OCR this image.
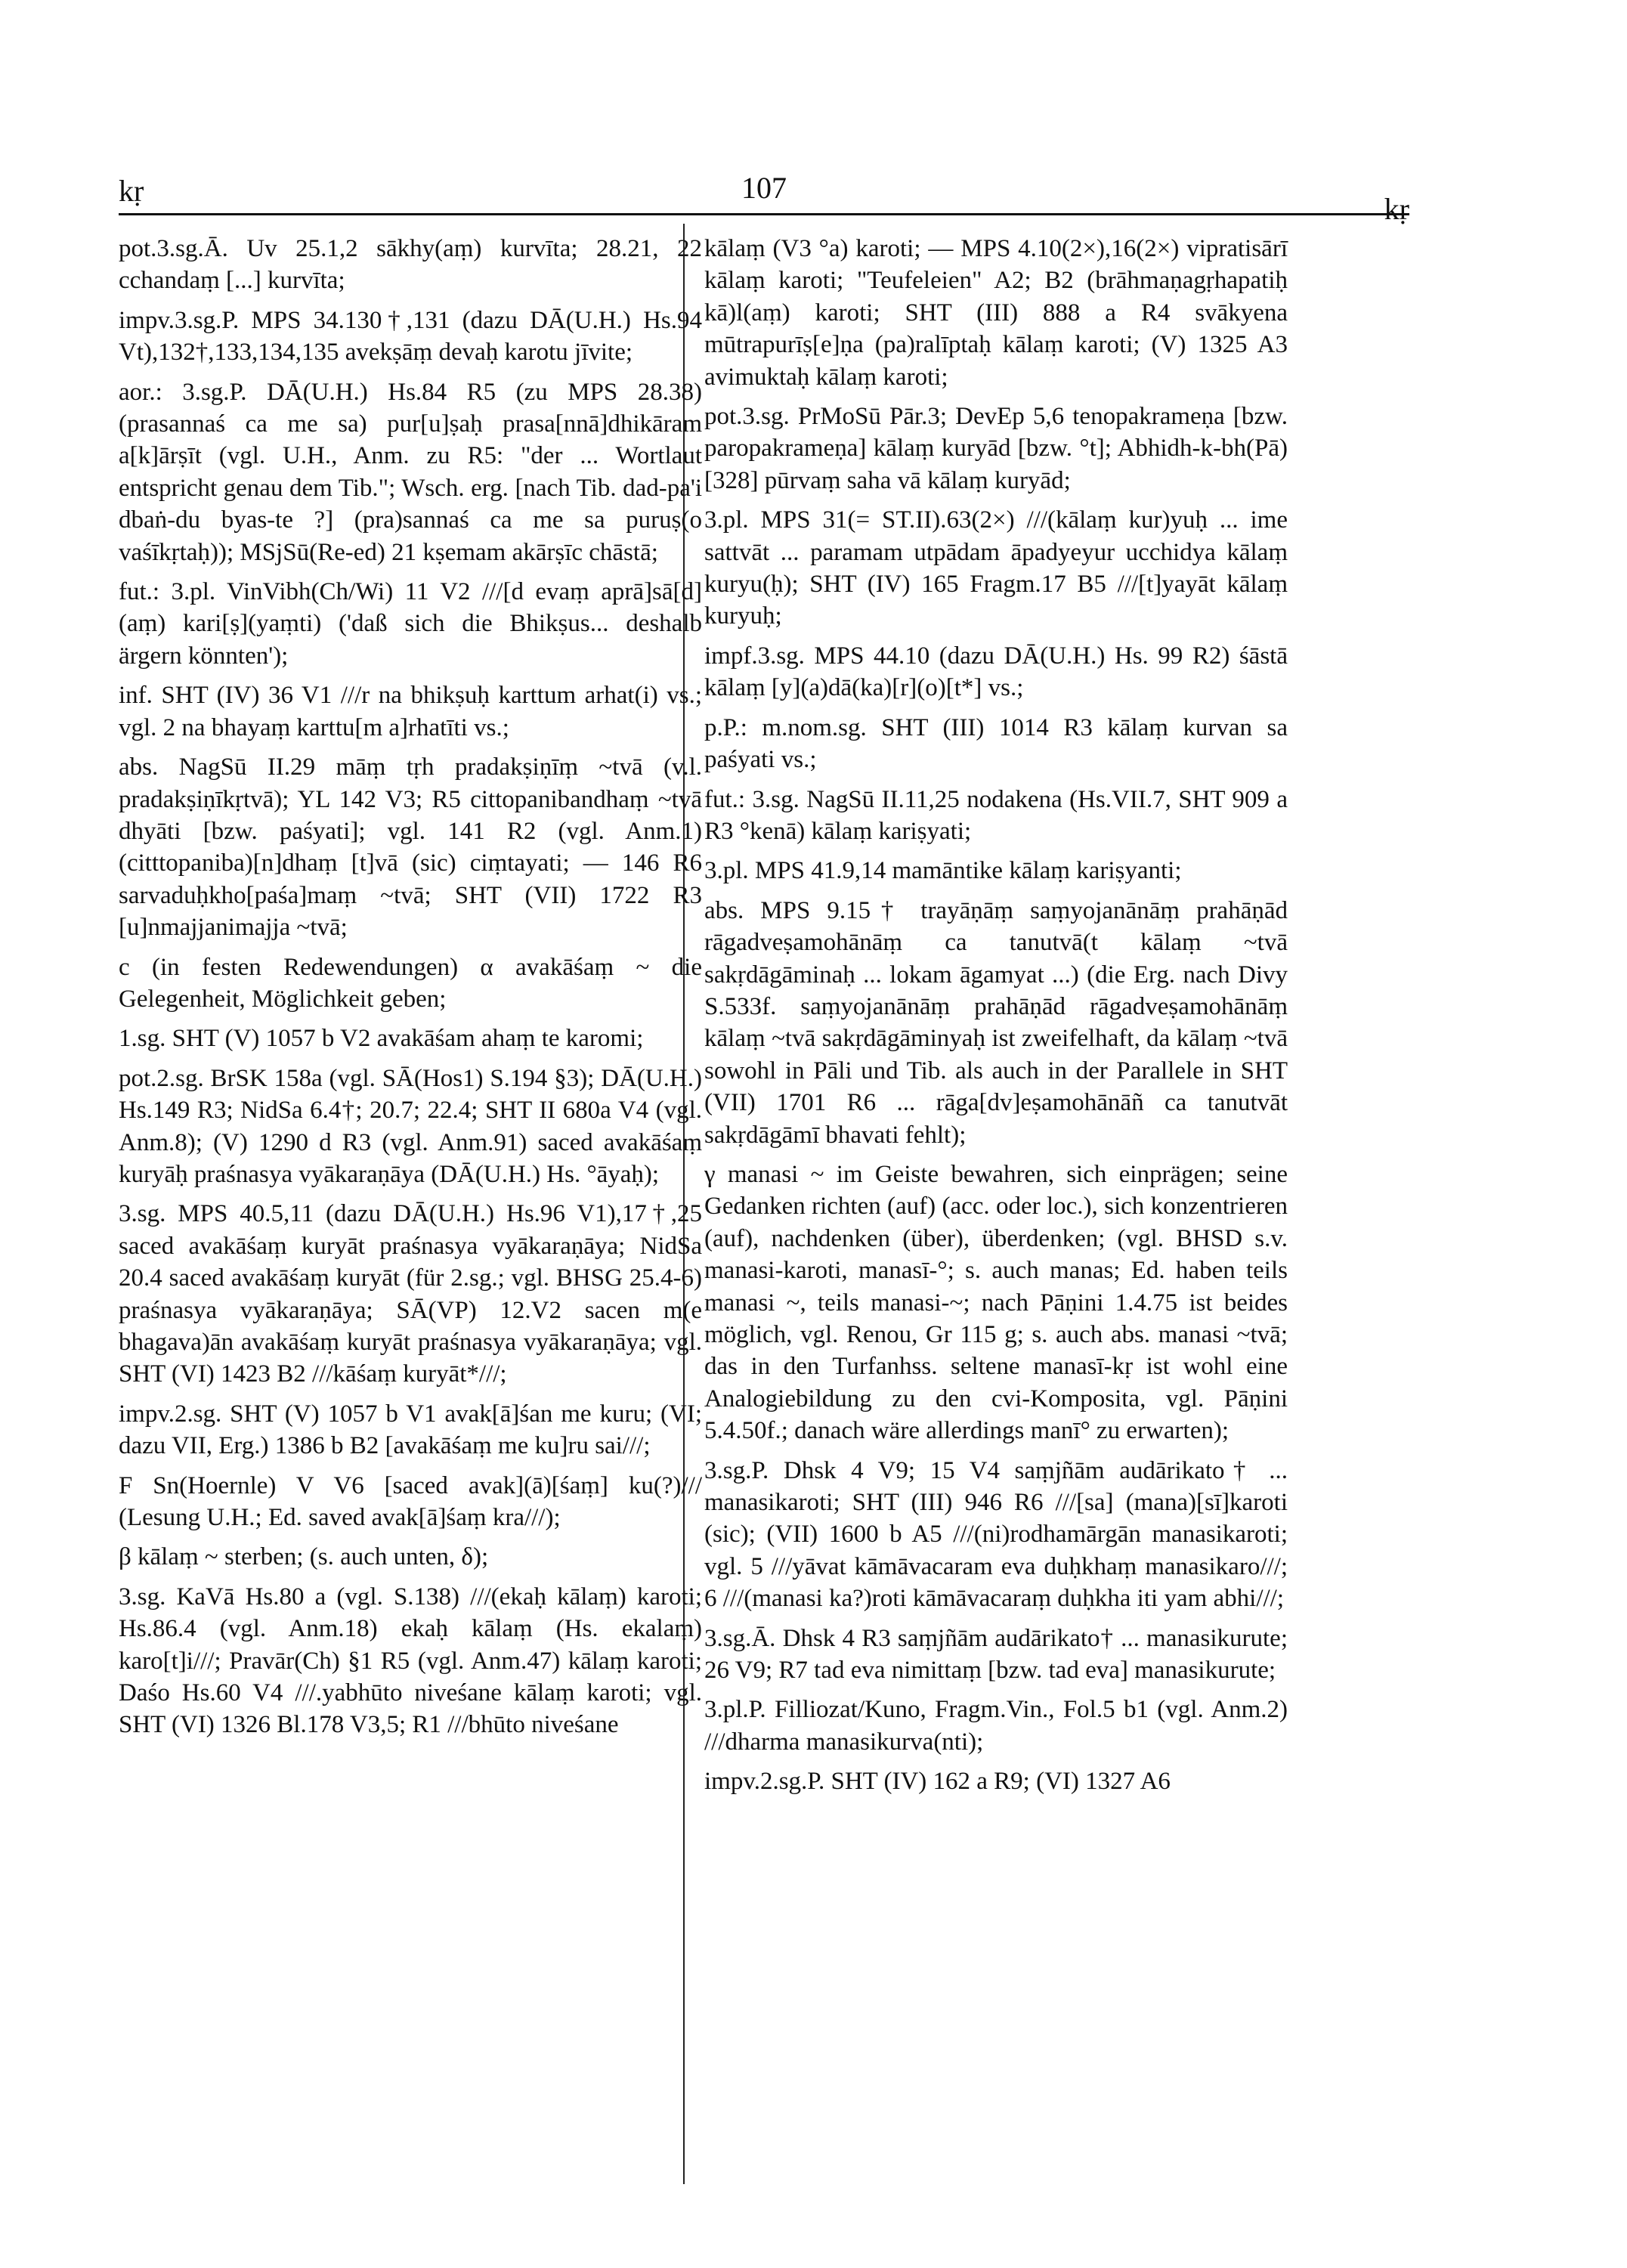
kṛ	107
kṛ
pot.3.sg.Ā. Uv 25.1,2 sākhy(aṃ) kurvīta; 28.21, 22 cchandaṃ [...] kurvīta;
impv.3.sg.P. MPS 34.130†,131 (dazu DĀ(U.H.) Hs.94 Vt),132†,133,134,135 avekṣāṃ devaḥ karotu jīvite;
aor.: 3.sg.P. DĀ(U.H.) Hs.84 R5 (zu MPS 28.38) (prasannaś ca me sa) pur[u]ṣaḥ prasa[nnā]dhikāram a[k]ārṣīt (vgl. U.H., Anm. zu R5: "der ... Wortlaut entspricht genau dem Tib."; Wsch. erg. [nach Tib. dad-pa'i dbaṅ-du byas-te ?] (pra)sannaś ca me sa puruṣ(o vaśīkṛtaḥ)); MSjSū(Re-ed) 21 kṣemam akārṣīc chāstā;
fut.: 3.pl. VinVibh(Ch/Wi) 11 V2 ///[d evaṃ aprā]sā[d](aṃ) kari[ṣ](yaṃti) ('daß sich die Bhikṣus... deshalb ärgern könnten');
inf. SHT (IV) 36 V1 ///r na bhikṣuḥ karttum arhat(i) vs.; vgl. 2 na bhayaṃ karttu[m a]rhatīti vs.;
abs. NagSū II.29 māṃ tṛh pradakṣiṇīṃ ~tvā (v.l. pradakṣiṇīkṛtvā); YL 142 V3; R5 cittopanibandhaṃ ~tvā dhyāti [bzw. paśyati]; vgl. 141 R2 (vgl. Anm.1) (citttopaniba)[n]dhaṃ [t]vā (sic) ciṃtayati; — 146 R6 sarvaduḥkho[paśa]maṃ ~tvā; SHT (VII) 1722 R3 [u]nmajjanimajja ~tvā;
c (in festen Redewendungen) α avakāśaṃ ~ die Gelegenheit, Möglichkeit geben;
1.sg. SHT (V) 1057 b V2 avakāśam ahaṃ te karomi;
pot.2.sg. BrSK 158a (vgl. SĀ(Hos1) S.194 §3); DĀ(U.H.) Hs.149 R3; NidSa 6.4†; 20.7; 22.4; SHT II 680a V4 (vgl. Anm.8); (V) 1290 d R3 (vgl. Anm.91) saced avakāśaṃ kuryāḥ praśnasya vyākaraṇāya (DĀ(U.H.) Hs. °āyaḥ);
3.sg. MPS 40.5,11 (dazu DĀ(U.H.) Hs.96 V1),17†,25 saced avakāśaṃ kuryāt praśnasya vyākaraṇāya; NidSa 20.4 saced avakāśaṃ kuryāt (für 2.sg.; vgl. BHSG 25.4-6) praśnasya vyākaraṇāya; SĀ(VP) 12.V2 sacen m(e bhagava)ān avakāśaṃ kuryāt praśnasya vyākaraṇāya; vgl. SHT (VI) 1423 B2 ///kāśaṃ kuryāt*///;
impv.2.sg. SHT (V) 1057 b V1 avak[ā]śan me kuru; (VI; dazu VII, Erg.) 1386 b B2 [avakāśaṃ me ku]ru sai///;
F Sn(Hoernle) V V6 [saced avak](ā)[śaṃ] ku(?)/// (Lesung U.H.; Ed. saved avak[ā]śaṃ kra///);
β kālaṃ ~ sterben; (s. auch unten, δ);
3.sg. KaVā Hs.80 a (vgl. S.138) ///(ekaḥ kālaṃ) karoti; Hs.86.4 (vgl. Anm.18) ekaḥ kālaṃ (Hs. ekalaṃ) karo[t]i///; Pravār(Ch) §1 R5 (vgl. Anm.47) kālaṃ karoti; Daśo Hs.60 V4 ///.yabhūto niveśane kālaṃ karoti; vgl. SHT (VI) 1326 Bl.178 V3,5; R1 ///bhūto niveśane
kālaṃ (V3 °a) karoti; — MPS 4.10(2×),16(2×) vipratisārī kālaṃ karoti; "Teufeleien" A2; B2 (brāhmaṇagṛhapatiḥ kā)l(aṃ) karoti; SHT (III) 888 a R4 svākyena mūtrapurīṣ[e]ṇa (pa)ralīptaḥ kālaṃ karoti; (V) 1325 A3 avimuktaḥ kālaṃ karoti;
pot.3.sg. PrMoSū Pār.3; DevEp 5,6 tenopakrameṇa [bzw. paropakrameṇa] kālaṃ kuryād [bzw. °t]; Abhidh-k-bh(Pā) [328] pūrvaṃ saha vā kālaṃ kuryād;
3.pl. MPS 31(= ST.II).63(2×) ///(kālaṃ kur)yuḥ ... ime sattvāt ... paramam utpādam āpadyeyur ucchidya kālaṃ kuryu(ḥ); SHT (IV) 165 Fragm.17 B5 ///[t]yayāt kālaṃ kuryuḥ;
impf.3.sg. MPS 44.10 (dazu DĀ(U.H.) Hs. 99 R2) śāstā kālaṃ [y](a)dā(ka)[r](o)[t*] vs.;
p.P.: m.nom.sg. SHT (III) 1014 R3 kālaṃ kurvan sa paśyati vs.;
fut.: 3.sg. NagSū II.11,25 nodakena (Hs.VII.7, SHT 909 a R3 °kenā) kālaṃ kariṣyati;
3.pl. MPS 41.9,14 mamāntike kālaṃ kariṣyanti;
abs. MPS 9.15† trayāṇāṃ saṃyojanānāṃ prahāṇād rāgadveṣamohānāṃ ca tanutvā(t kālaṃ ~tvā sakṛdāgāminaḥ ... lokam āgamyat ...) (die Erg. nach Divy S.533f. saṃyojanānāṃ prahāṇād rāgadveṣamohānāṃ kālaṃ ~tvā sakṛdāgāminyaḥ ist zweifelhaft, da kālaṃ ~tvā sowohl in Pāli und Tib. als auch in der Parallele in SHT (VII) 1701 R6 ... rāga[dv]eṣamohānāñ ca tanutvāt sakṛdāgāmī bhavati fehlt);
γ manasi ~ im Geiste bewahren, sich einprägen; seine Gedanken richten (auf) (acc. oder loc.), sich konzentrieren (auf), nachdenken (über), überdenken; (vgl. BHSD s.v. manasi-karoti, manasī-°; s. auch manas; Ed. haben teils manasi ~, teils manasi-~; nach Pāṇini 1.4.75 ist beides möglich, vgl. Renou, Gr 115 g; s. auch abs. manasi ~tvā; das in den Turfanhss. seltene manasī-kṛ ist wohl eine Analogiebildung zu den cvi-Komposita, vgl. Pāṇini 5.4.50f.; danach wäre allerdings manī° zu erwarten);
3.sg.P. Dhsk 4 V9; 15 V4 saṃjñām audārikato† ... manasikaroti; SHT (III) 946 R6 ///[sa] (mana)[sī]karoti (sic); (VII) 1600 b A5 ///(ni)rodhamārgān manasikaroti; vgl. 5 ///yāvat kāmāvacaram eva duḥkhaṃ manasikaro///; 6 ///(manasi ka?)roti kāmāvacaraṃ duḥkha iti yam abhi///;
3.sg.Ā. Dhsk 4 R3 saṃjñām audārikato† ... manasikurute; 26 V9; R7 tad eva nimittaṃ [bzw. tad eva] manasikurute;
3.pl.P. Filliozat/Kuno, Fragm.Vin., Fol.5 b1 (vgl. Anm.2) ///dharma manasikurva(nti);
impv.2.sg.P. SHT (IV) 162 a R9; (VI) 1327 A6
